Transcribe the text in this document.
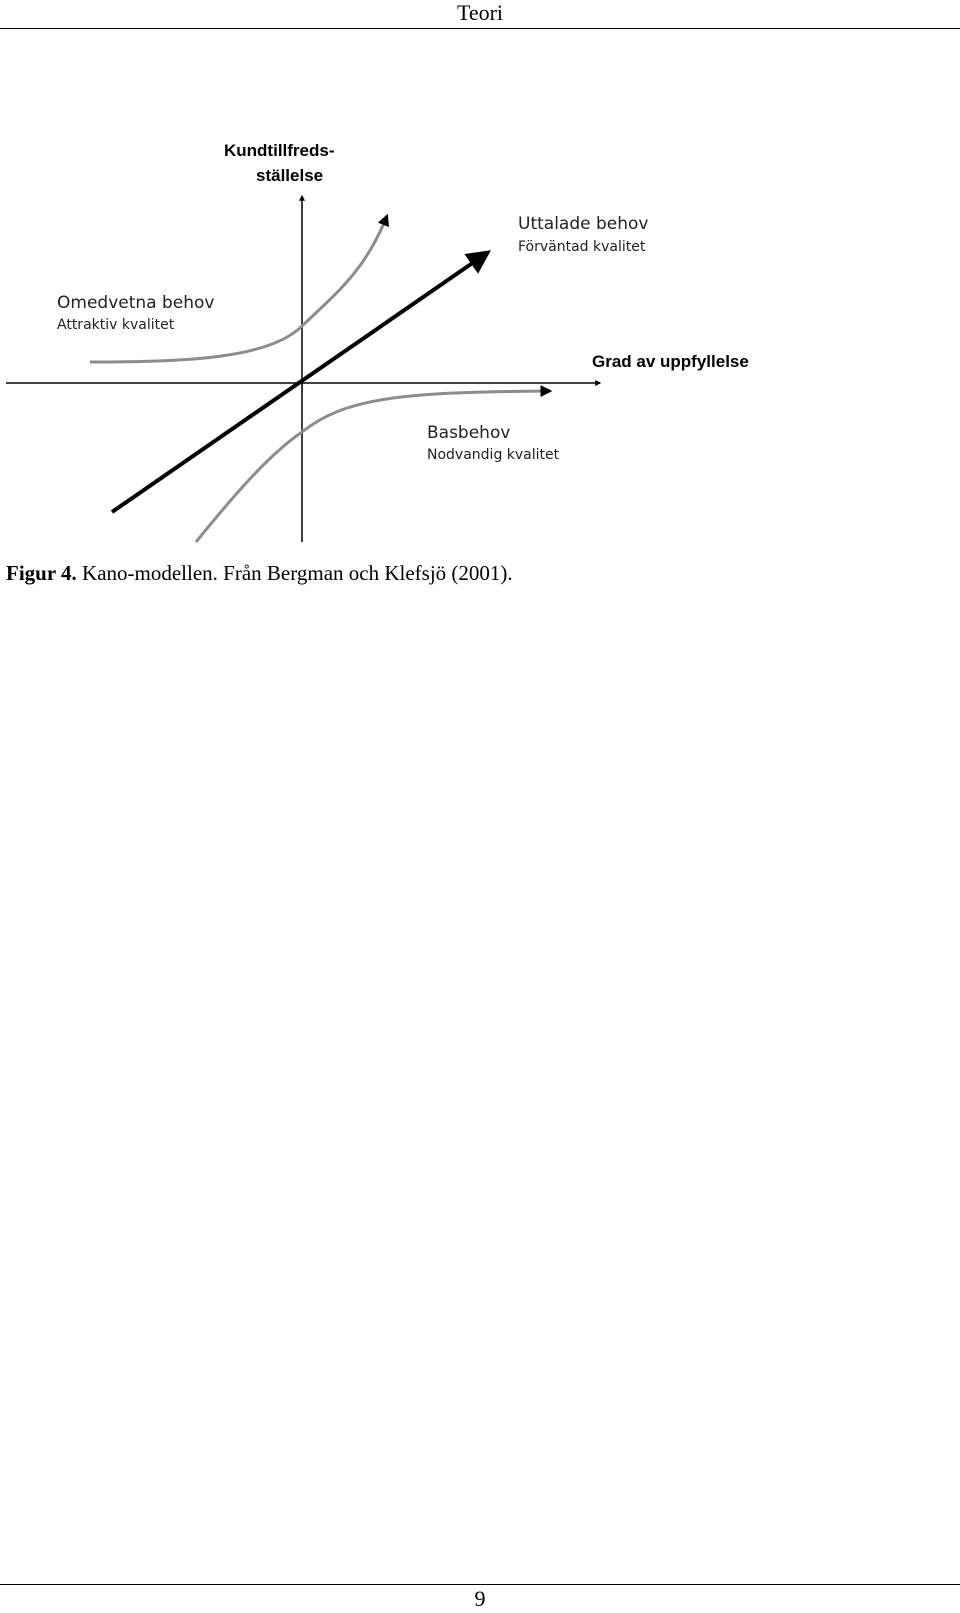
Teori
Kundtillfreds-
ställelse
Grad av uppfyllelse
Uttalade behov
Förväntad kvalitet
Omedvetna behov
Attraktiv kvalitet
Basbehov
Nodvandig kvalitet
Figur 4. Kano-modellen. Från Bergman och Klefsjö (2001).
9
